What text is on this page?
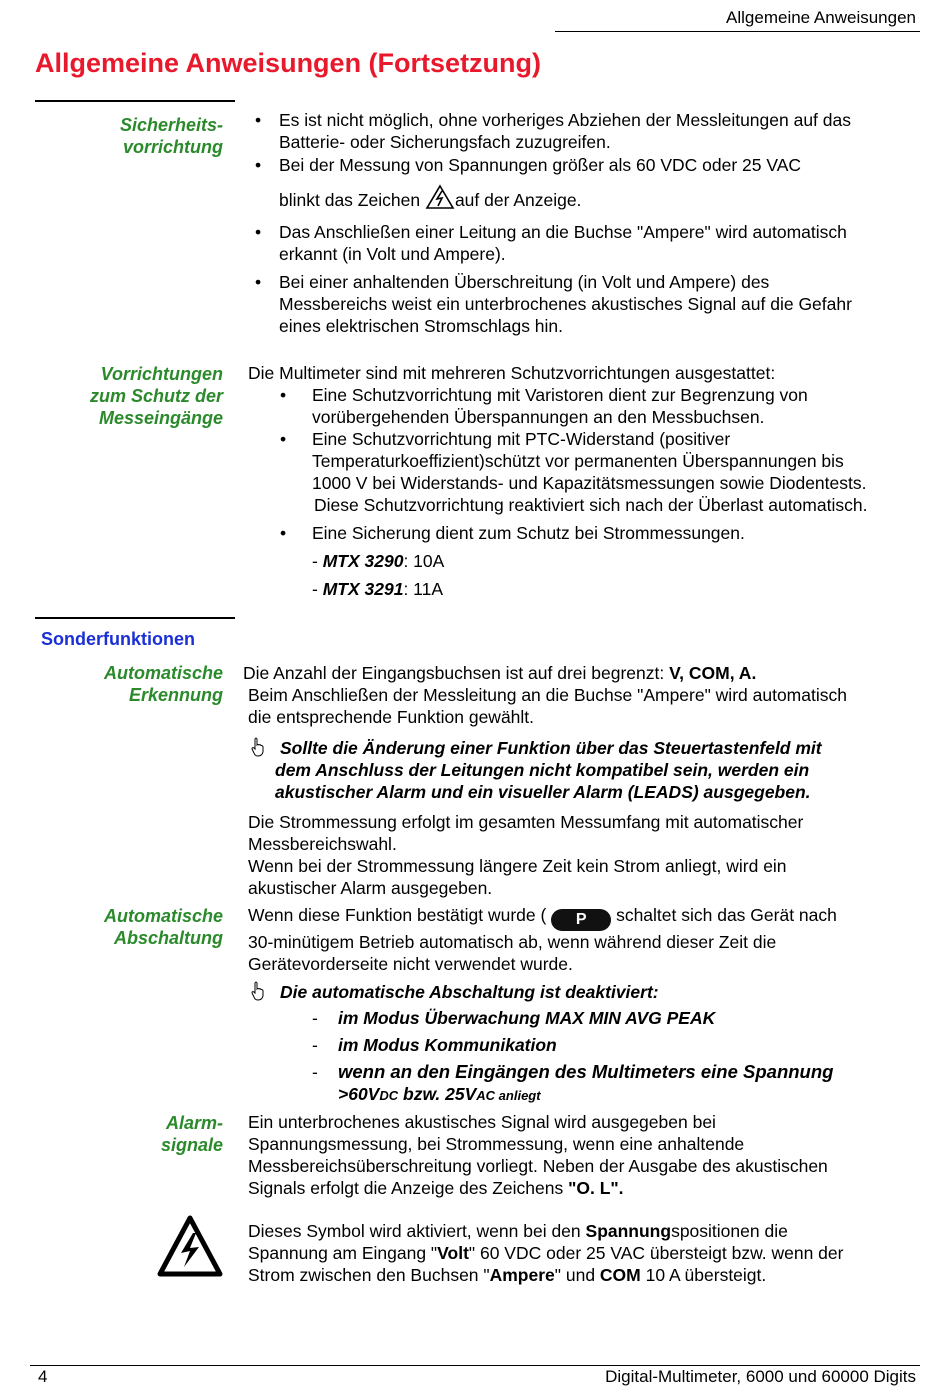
Allgemeine Anweisungen
Allgemeine Anweisungen (Fortsetzung)
Sicherheits-
vorrichtung
• Es ist nicht möglich, ohne vorheriges Abziehen der Messleitungen auf das
Batterie- oder Sicherungsfach zuzugreifen.
• Bei der Messung von Spannungen größer als 60 VDC oder 25 VAC
blinkt das Zeichen auf der Anzeige.
• Das Anschließen einer Leitung an die Buchse "Ampere" wird automatisch
erkannt (in Volt und Ampere).
• Bei einer anhaltenden Überschreitung (in Volt und Ampere) des
Messbereichs weist ein unterbrochenes akustisches Signal auf die Gefahr
eines elektrischen Stromschlags hin.
Vorrichtungen
zum Schutz der
Messeingänge
Die Multimeter sind mit mehreren Schutzvorrichtungen ausgestattet:
• Eine Schutzvorrichtung mit Varistoren dient zur Begrenzung von
vorübergehenden Überspannungen an den Messbuchsen.
• Eine Schutzvorrichtung mit PTC-Widerstand (positiver
Temperaturkoeffizient)schützt vor permanenten Überspannungen bis
1000 V bei Widerstands- und Kapazitätsmessungen sowie Diodentests.
Diese Schutzvorrichtung reaktiviert sich nach der Überlast automatisch.
• Eine Sicherung dient zum Schutz bei Strommessungen.
- MTX 3290: 10A
- MTX 3291: 11A
Sonderfunktionen
Automatische
Erkennung
Die Anzahl der Eingangsbuchsen ist auf drei begrenzt: V, COM, A.
Beim Anschließen der Messleitung an die Buchse "Ampere" wird automatisch
die entsprechende Funktion gewählt.
Sollte die Änderung einer Funktion über das Steuertastenfeld mit
dem Anschluss der Leitungen nicht kompatibel sein, werden ein
akustischer Alarm und ein visueller Alarm (LEADS) ausgegeben.
Die Strommessung erfolgt im gesamten Messumfang mit automatischer
Messbereichswahl.
Wenn bei der Strommessung längere Zeit kein Strom anliegt, wird ein
akustischer Alarm ausgegeben.
Automatische
Abschaltung
Wenn diese Funktion bestätigt wurde ( P schaltet sich das Gerät nach
30-minütigem Betrieb automatisch ab, wenn während dieser Zeit die
Gerätevorderseite nicht verwendet wurde.
Die automatische Abschaltung ist deaktiviert:
- im Modus Überwachung MAX MIN AVG PEAK
- im Modus Kommunikation
- wenn an den Eingängen des Multimeters eine Spannung
>60VDC bzw. 25VAC anliegt
Alarm-
signale
Ein unterbrochenes akustisches Signal wird ausgegeben bei
Spannungsmessung, bei Strommessung, wenn eine anhaltende
Messbereichsüberschreitung vorliegt. Neben der Ausgabe des akustischen
Signals erfolgt die Anzeige des Zeichens "O. L".
Dieses Symbol wird aktiviert, wenn bei den Spannungspositionen die
Spannung am Eingang "Volt" 60 VDC oder 25 VAC übersteigt bzw. wenn der
Strom zwischen den Buchsen "Ampere" und COM 10 A übersteigt.
4	Digital-Multimeter, 6000 und 60000 Digits
